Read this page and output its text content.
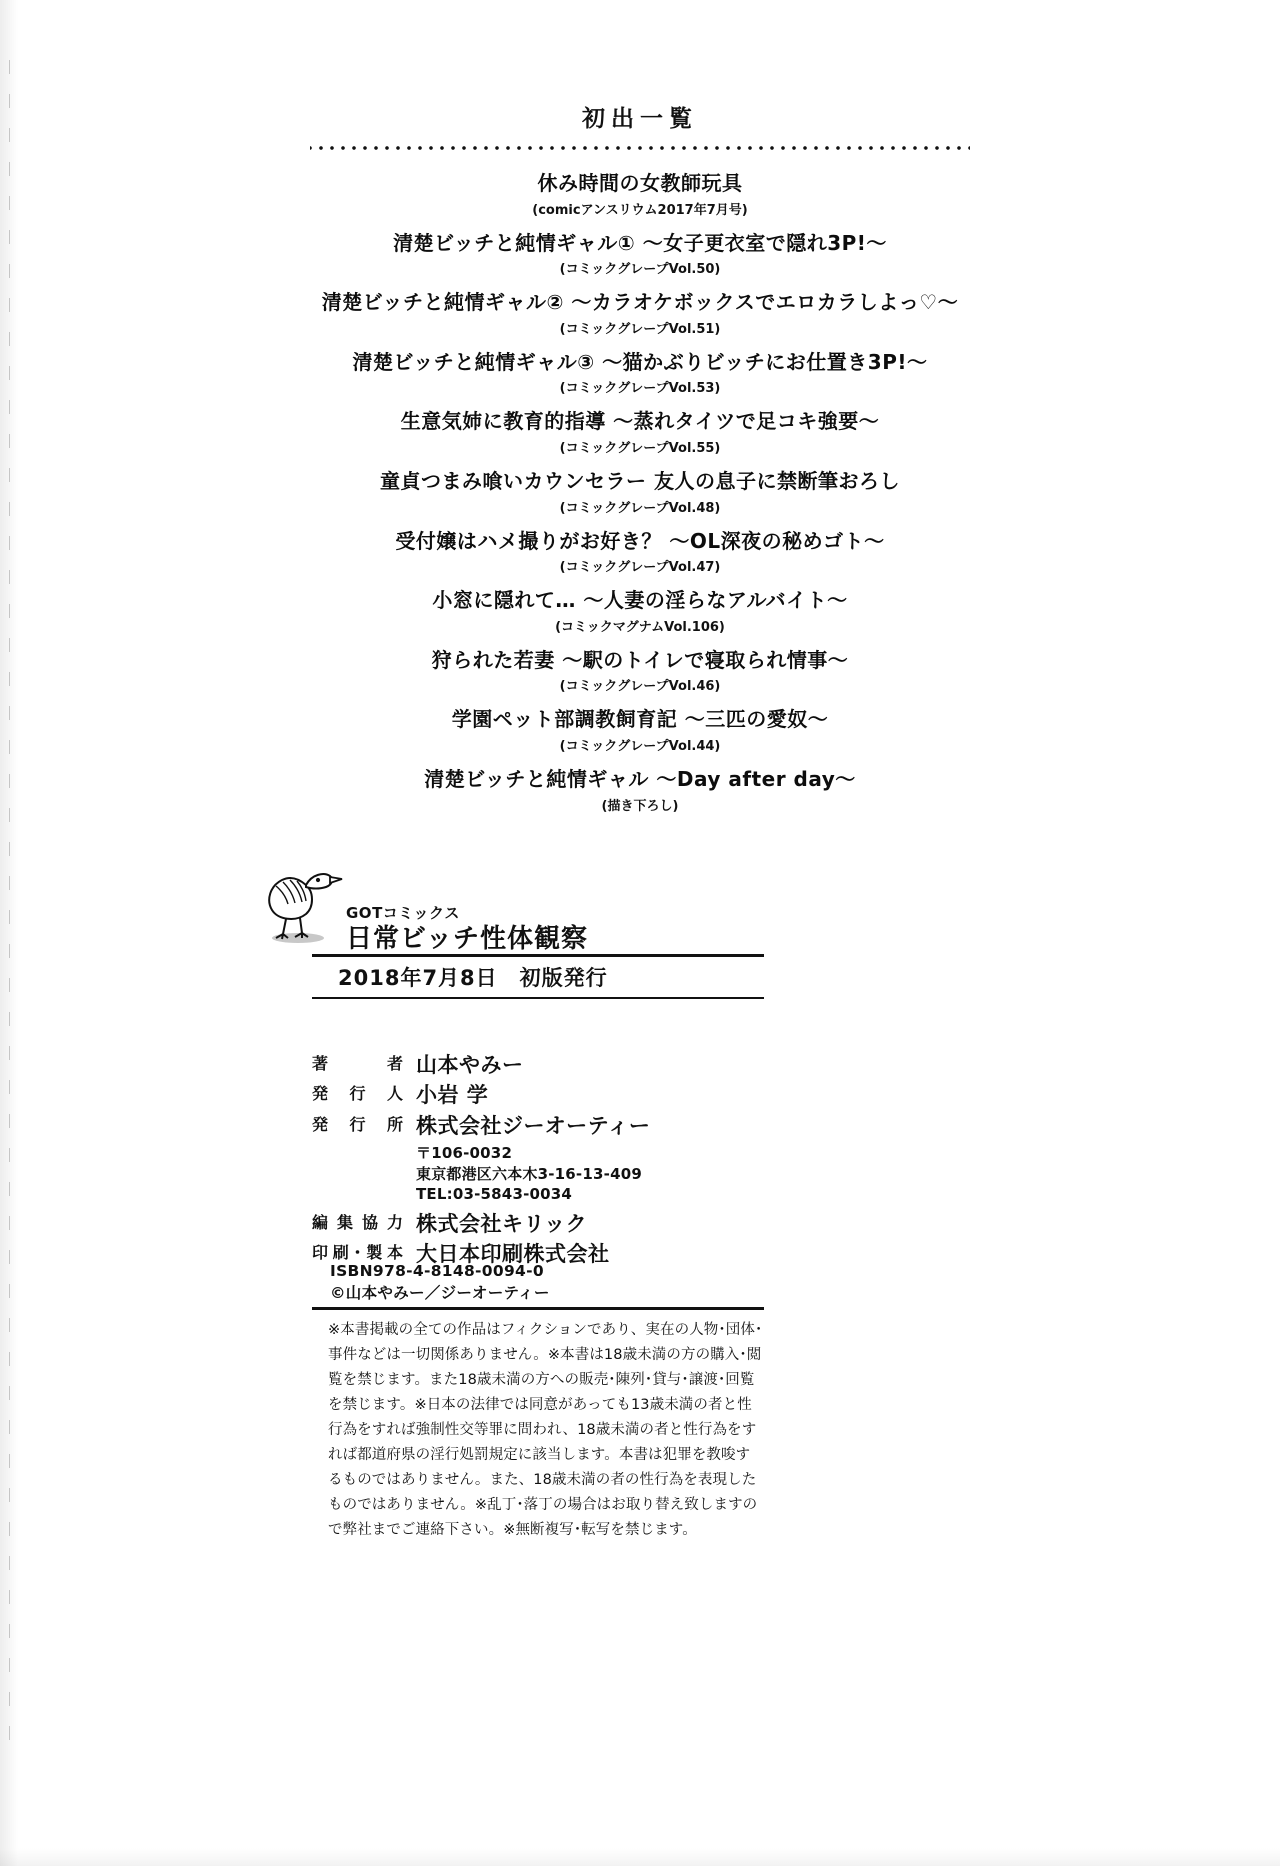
初出一覧
休み時間の女教師玩具
(comicアンスリウム2017年7月号)
清楚ビッチと純情ギャル① ～女子更衣室で隠れ3P!～
(コミックグレープVol.50)
清楚ビッチと純情ギャル② ～カラオケボックスでエロカラしよっ♡～
(コミックグレープVol.51)
清楚ビッチと純情ギャル③ ～猫かぶりビッチにお仕置き3P!～
(コミックグレープVol.53)
生意気姉に教育的指導 ～蒸れタイツで足コキ強要～
(コミックグレープVol.55)
童貞つまみ喰いカウンセラー 友人の息子に禁断筆おろし
(コミックグレープVol.48)
受付嬢はハメ撮りがお好き？ ～OL深夜の秘めゴト～
(コミックグレープVol.47)
小窓に隠れて… ～人妻の淫らなアルバイト～
(コミックマグナムVol.106)
狩られた若妻 ～駅のトイレで寝取られ情事～
(コミックグレープVol.46)
学園ペット部調教飼育記 ～三匹の愛奴～
(コミックグレープVol.44)
清楚ビッチと純情ギャル ～Day after day～
(描き下ろし)
GOTコミックス
日常ビッチ性体観察
2018年7月8日　初版発行
著　者 山本やみー
発 行 人 小岩 学
発 行 所 株式会社ジーオーティー
〒106-0032
東京都港区六本木3-16-13-409
TEL:03-5843-0034
編集協力 株式会社キリック
印刷･製本 大日本印刷株式会社
ISBN978-4-8148-0094-0
©山本やみー／ジーオーティー
※本書掲載の全ての作品はフィクションであり、実在の人物･団体･事件などは一切関係ありません。※本書は18歳未満の方の購入･閲覧を禁じます。また18歳未満の方への販売･陳列･貸与･譲渡･回覧を禁じます。※日本の法律では同意があっても13歳未満の者と性行為をすれば強制性交等罪に問われ、18歳未満の者と性行為をすれば都道府県の淫行処罰規定に該当します。本書は犯罪を教唆するものではありません。また、18歳未満の者の性行為を表現したものではありません。※乱丁･落丁の場合はお取り替え致しますので弊社までご連絡下さい。※無断複写･転写を禁じます。
